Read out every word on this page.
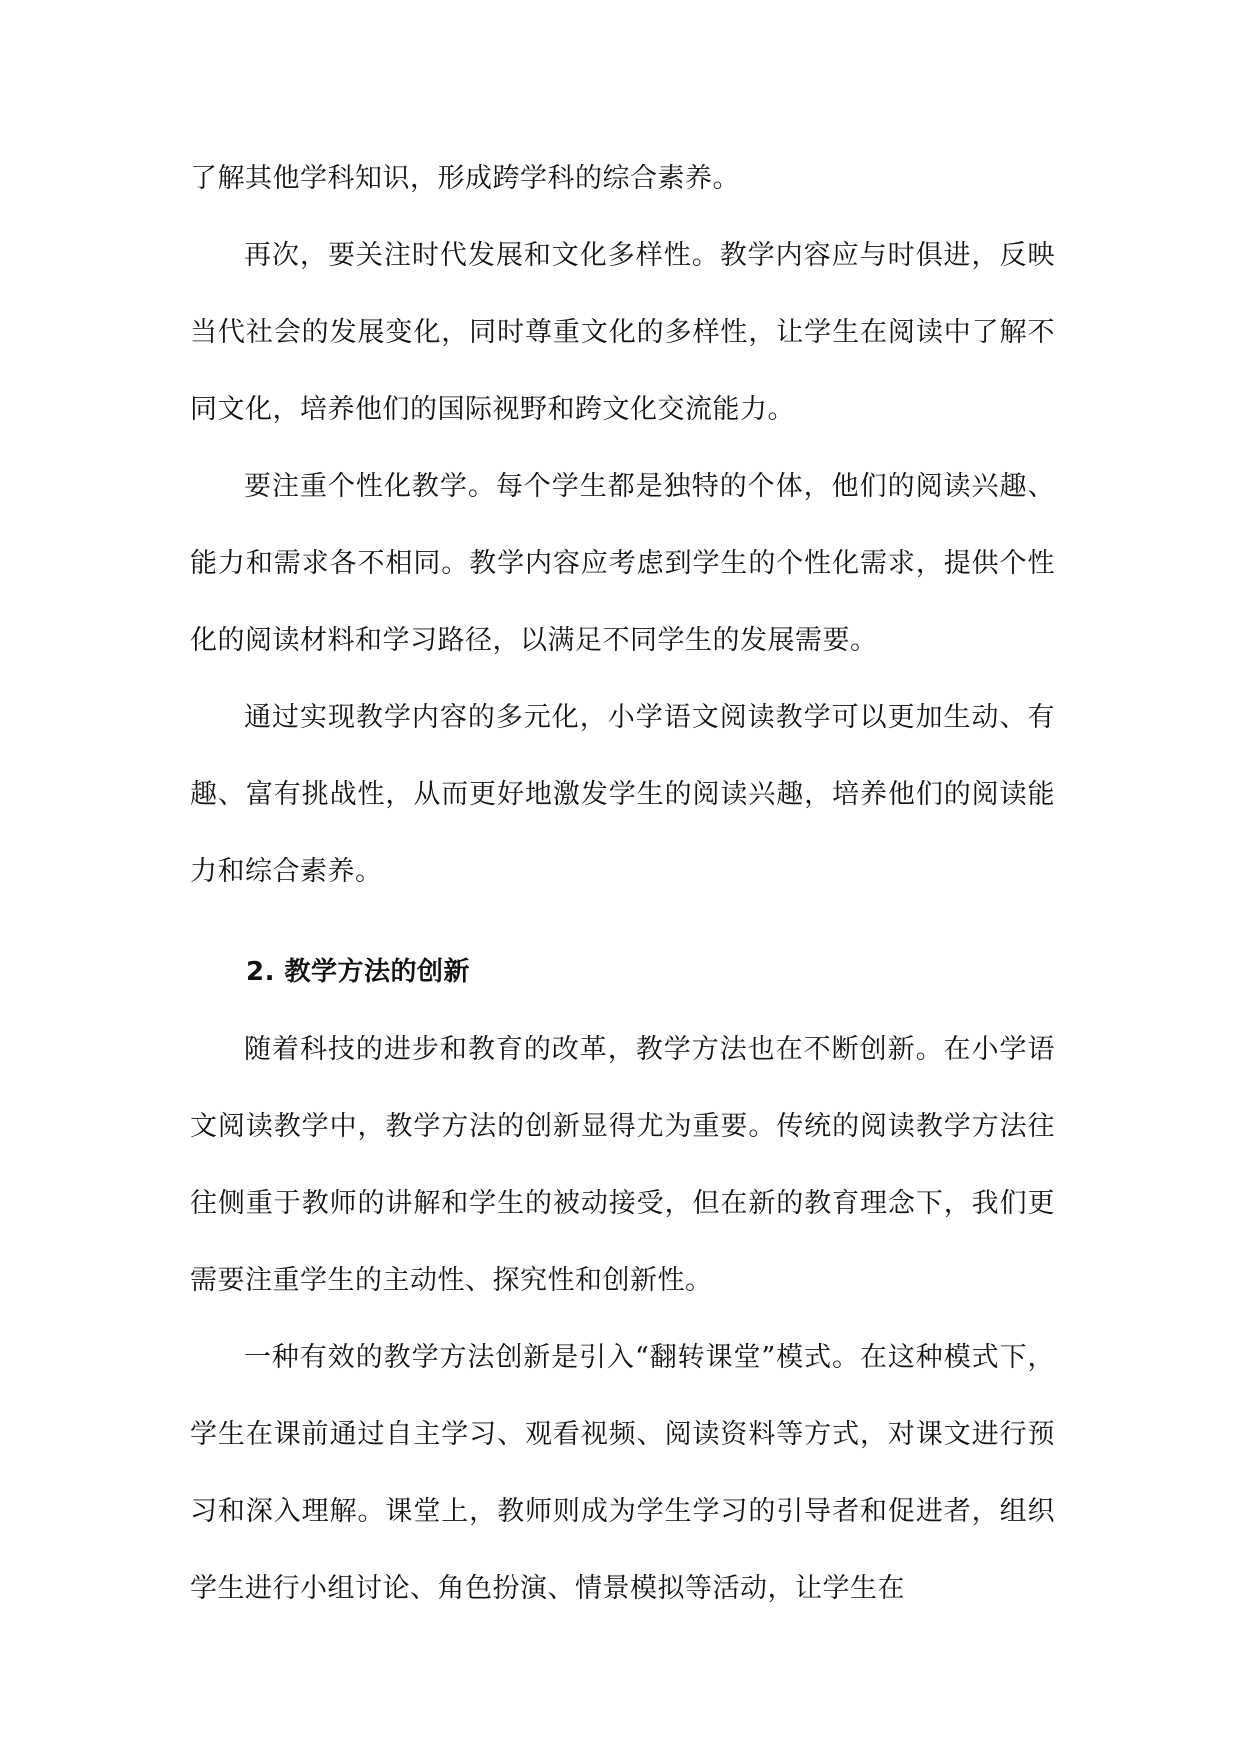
了解其他学科知识，形成跨学科的综合素养。

再次，要关注时代发展和文化多样性。教学内容应与时俱进，反映当代社会的发展变化，同时尊重文化的多样性，让学生在阅读中了解不同文化，培养他们的国际视野和跨文化交流能力。

要注重个性化教学。每个学生都是独特的个体，他们的阅读兴趣、能力和需求各不相同。教学内容应考虑到学生的个性化需求，提供个性化的阅读材料和学习路径，以满足不同学生的发展需要。

通过实现教学内容的多元化，小学语文阅读教学可以更加生动、有趣、富有挑战性，从而更好地激发学生的阅读兴趣，培养他们的阅读能力和综合素养。

2. 教学方法的创新

随着科技的进步和教育的改革，教学方法也在不断创新。在小学语文阅读教学中，教学方法的创新显得尤为重要。传统的阅读教学方法往往侧重于教师的讲解和学生的被动接受，但在新的教育理念下，我们更需要注重学生的主动性、探究性和创新性。

一种有效的教学方法创新是引入“翻转课堂”模式。在这种模式下，学生在课前通过自主学习、观看视频、阅读资料等方式，对课文进行预习和深入理解。课堂上，教师则成为学生学习的引导者和促进者，组织学生进行小组讨论、角色扮演、情景模拟等活动，让学生在
